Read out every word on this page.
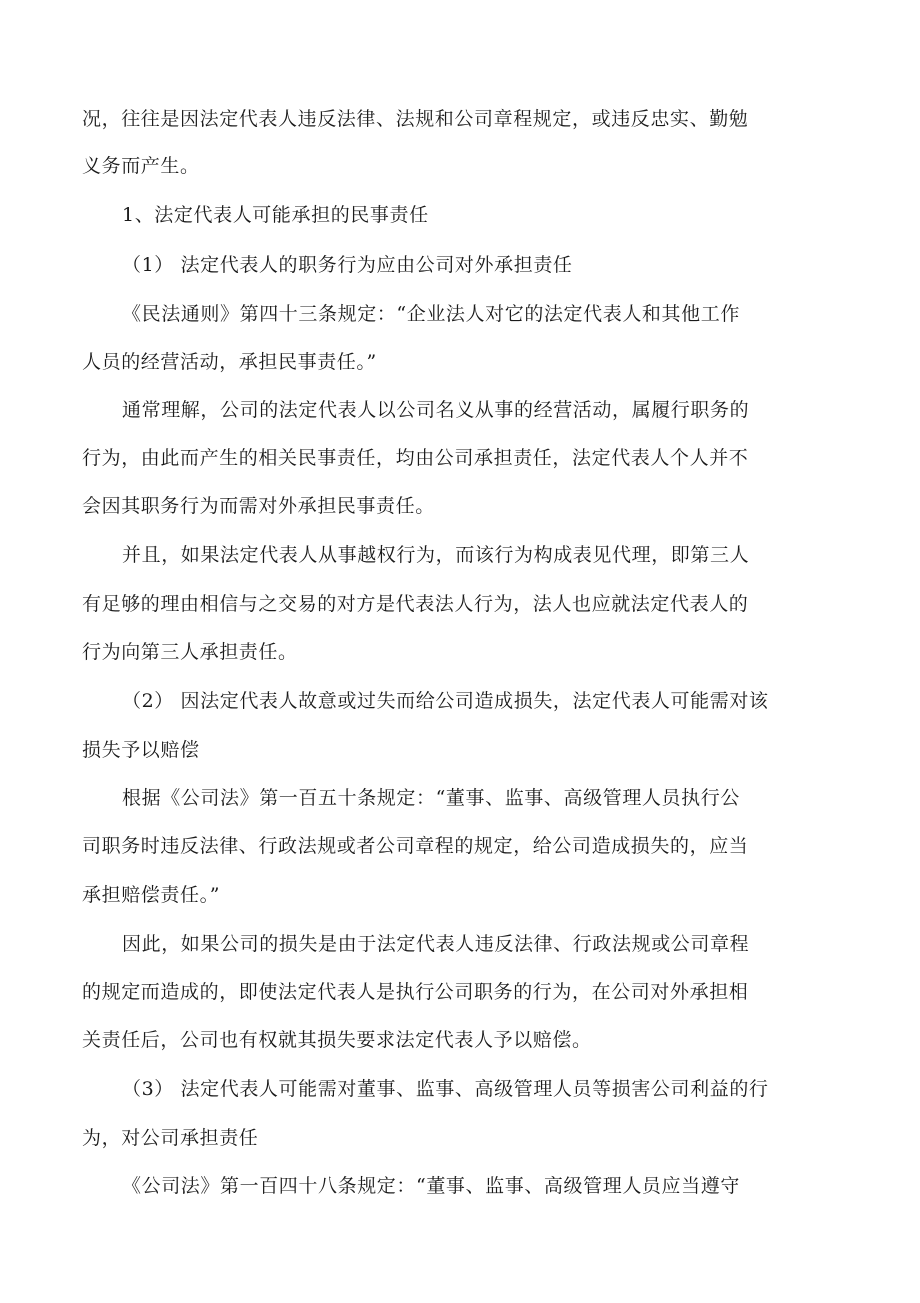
况，往往是因法定代表人违反法律、法规和公司章程规定，或违反忠实、勤勉
义务而产生。
1、法定代表人可能承担的民事责任
（1） 法定代表人的职务行为应由公司对外承担责任
《民法通则》第四十三条规定：“企业法人对它的法定代表人和其他工作
人员的经营活动，承担民事责任。”
通常理解，公司的法定代表人以公司名义从事的经营活动，属履行职务的
行为，由此而产生的相关民事责任，均由公司承担责任，法定代表人个人并不
会因其职务行为而需对外承担民事责任。
并且，如果法定代表人从事越权行为，而该行为构成表见代理，即第三人
有足够的理由相信与之交易的对方是代表法人行为，法人也应就法定代表人的
行为向第三人承担责任。
（2） 因法定代表人故意或过失而给公司造成损失，法定代表人可能需对该
损失予以赔偿
根据《公司法》第一百五十条规定：“董事、监事、高级管理人员执行公
司职务时违反法律、行政法规或者公司章程的规定，给公司造成损失的，应当
承担赔偿责任。”
因此，如果公司的损失是由于法定代表人违反法律、行政法规或公司章程
的规定而造成的，即使法定代表人是执行公司职务的行为，在公司对外承担相
关责任后，公司也有权就其损失要求法定代表人予以赔偿。
（3） 法定代表人可能需对董事、监事、高级管理人员等损害公司利益的行
为，对公司承担责任
《公司法》第一百四十八条规定：“董事、监事、高级管理人员应当遵守
